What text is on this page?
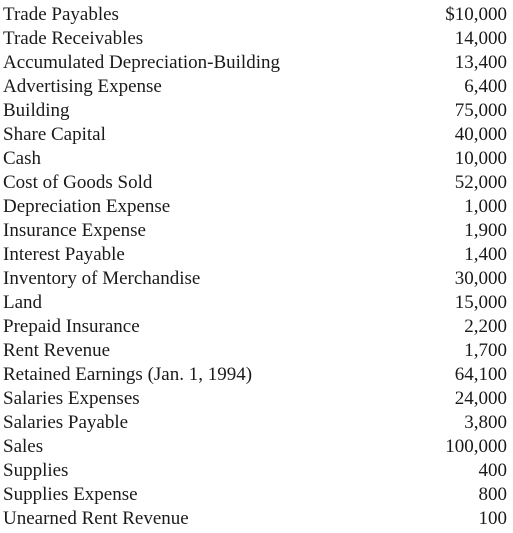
Trade Payables	$10,000
Trade Receivables	14,000
Accumulated Depreciation-Building	13,400
Advertising Expense	6,400
Building	75,000
Share Capital	40,000
Cash	10,000
Cost of Goods Sold	52,000
Depreciation Expense	1,000
Insurance Expense	1,900
Interest Payable	1,400
Inventory of Merchandise	30,000
Land	15,000
Prepaid Insurance	2,200
Rent Revenue	1,700
Retained Earnings (Jan. 1, 1994)	64,100
Salaries Expenses	24,000
Salaries Payable	3,800
Sales	100,000
Supplies	400
Supplies Expense	800
Unearned Rent Revenue	100
